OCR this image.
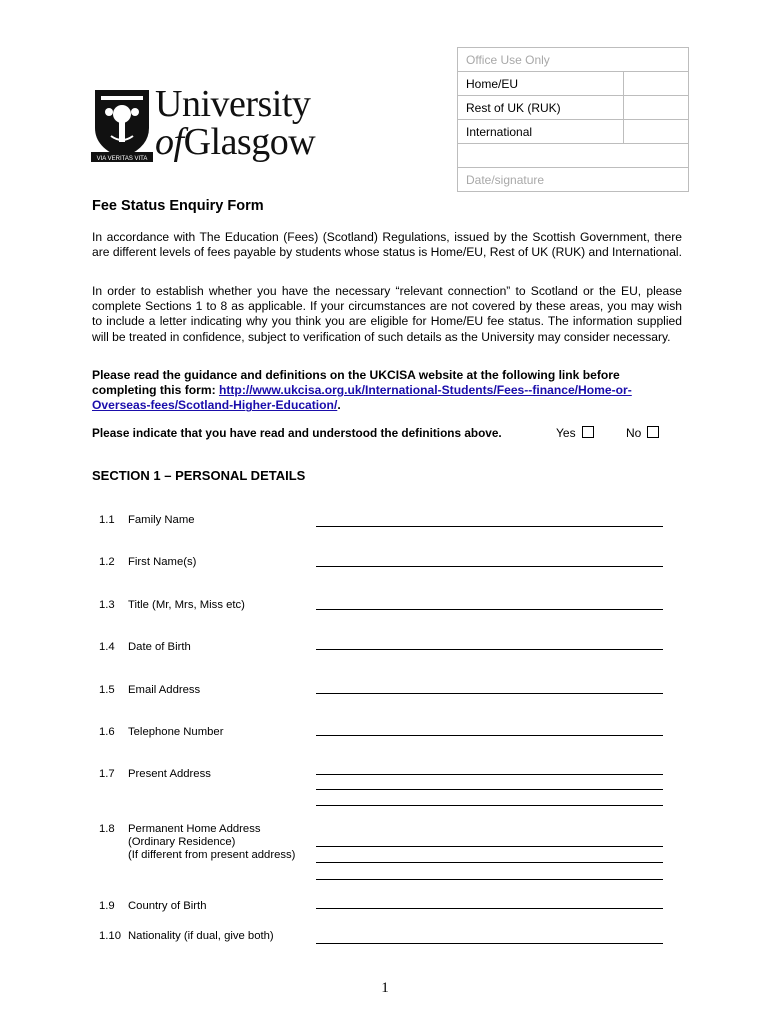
VIA VERITAS VITA
University
ofGlasgow
Office Use Only	
Home/EU	
Rest of UK (RUK)	
International	

Date/signature	
Fee Status Enquiry Form
In accordance with The Education (Fees) (Scotland) Regulations, issued by the Scottish Government, there are different levels of fees payable by students whose status is Home/EU, Rest of UK (RUK) and International.
In order to establish whether you have the necessary “relevant connection” to Scotland or the EU, please complete Sections 1 to 8 as applicable. If your circumstances are not covered by these areas, you may wish to include a letter indicating why you think you are eligible for Home/EU fee status. The information supplied will be treated in confidence, subject to verification of such details as the University may consider necessary.
Please read the guidance and definitions on the UKCISA website at the following link before completing this form: http://www.ukcisa.org.uk/International-Students/Fees--finance/Home-or-Overseas-fees/Scotland-Higher-Education/.
Please indicate that you have read and understood the definitions above.	Yes	No
SECTION 1 – PERSONAL DETAILS
1.1 Family Name
1.2 First Name(s)
1.3 Title (Mr, Mrs, Miss etc)
1.4 Date of Birth
1.5 Email Address
1.6 Telephone Number
1.7 Present Address
1.8 Permanent Home Address
(Ordinary Residence)
(If different from present address)
1.9 Country of Birth
1.10 Nationality (if dual, give both)
1
